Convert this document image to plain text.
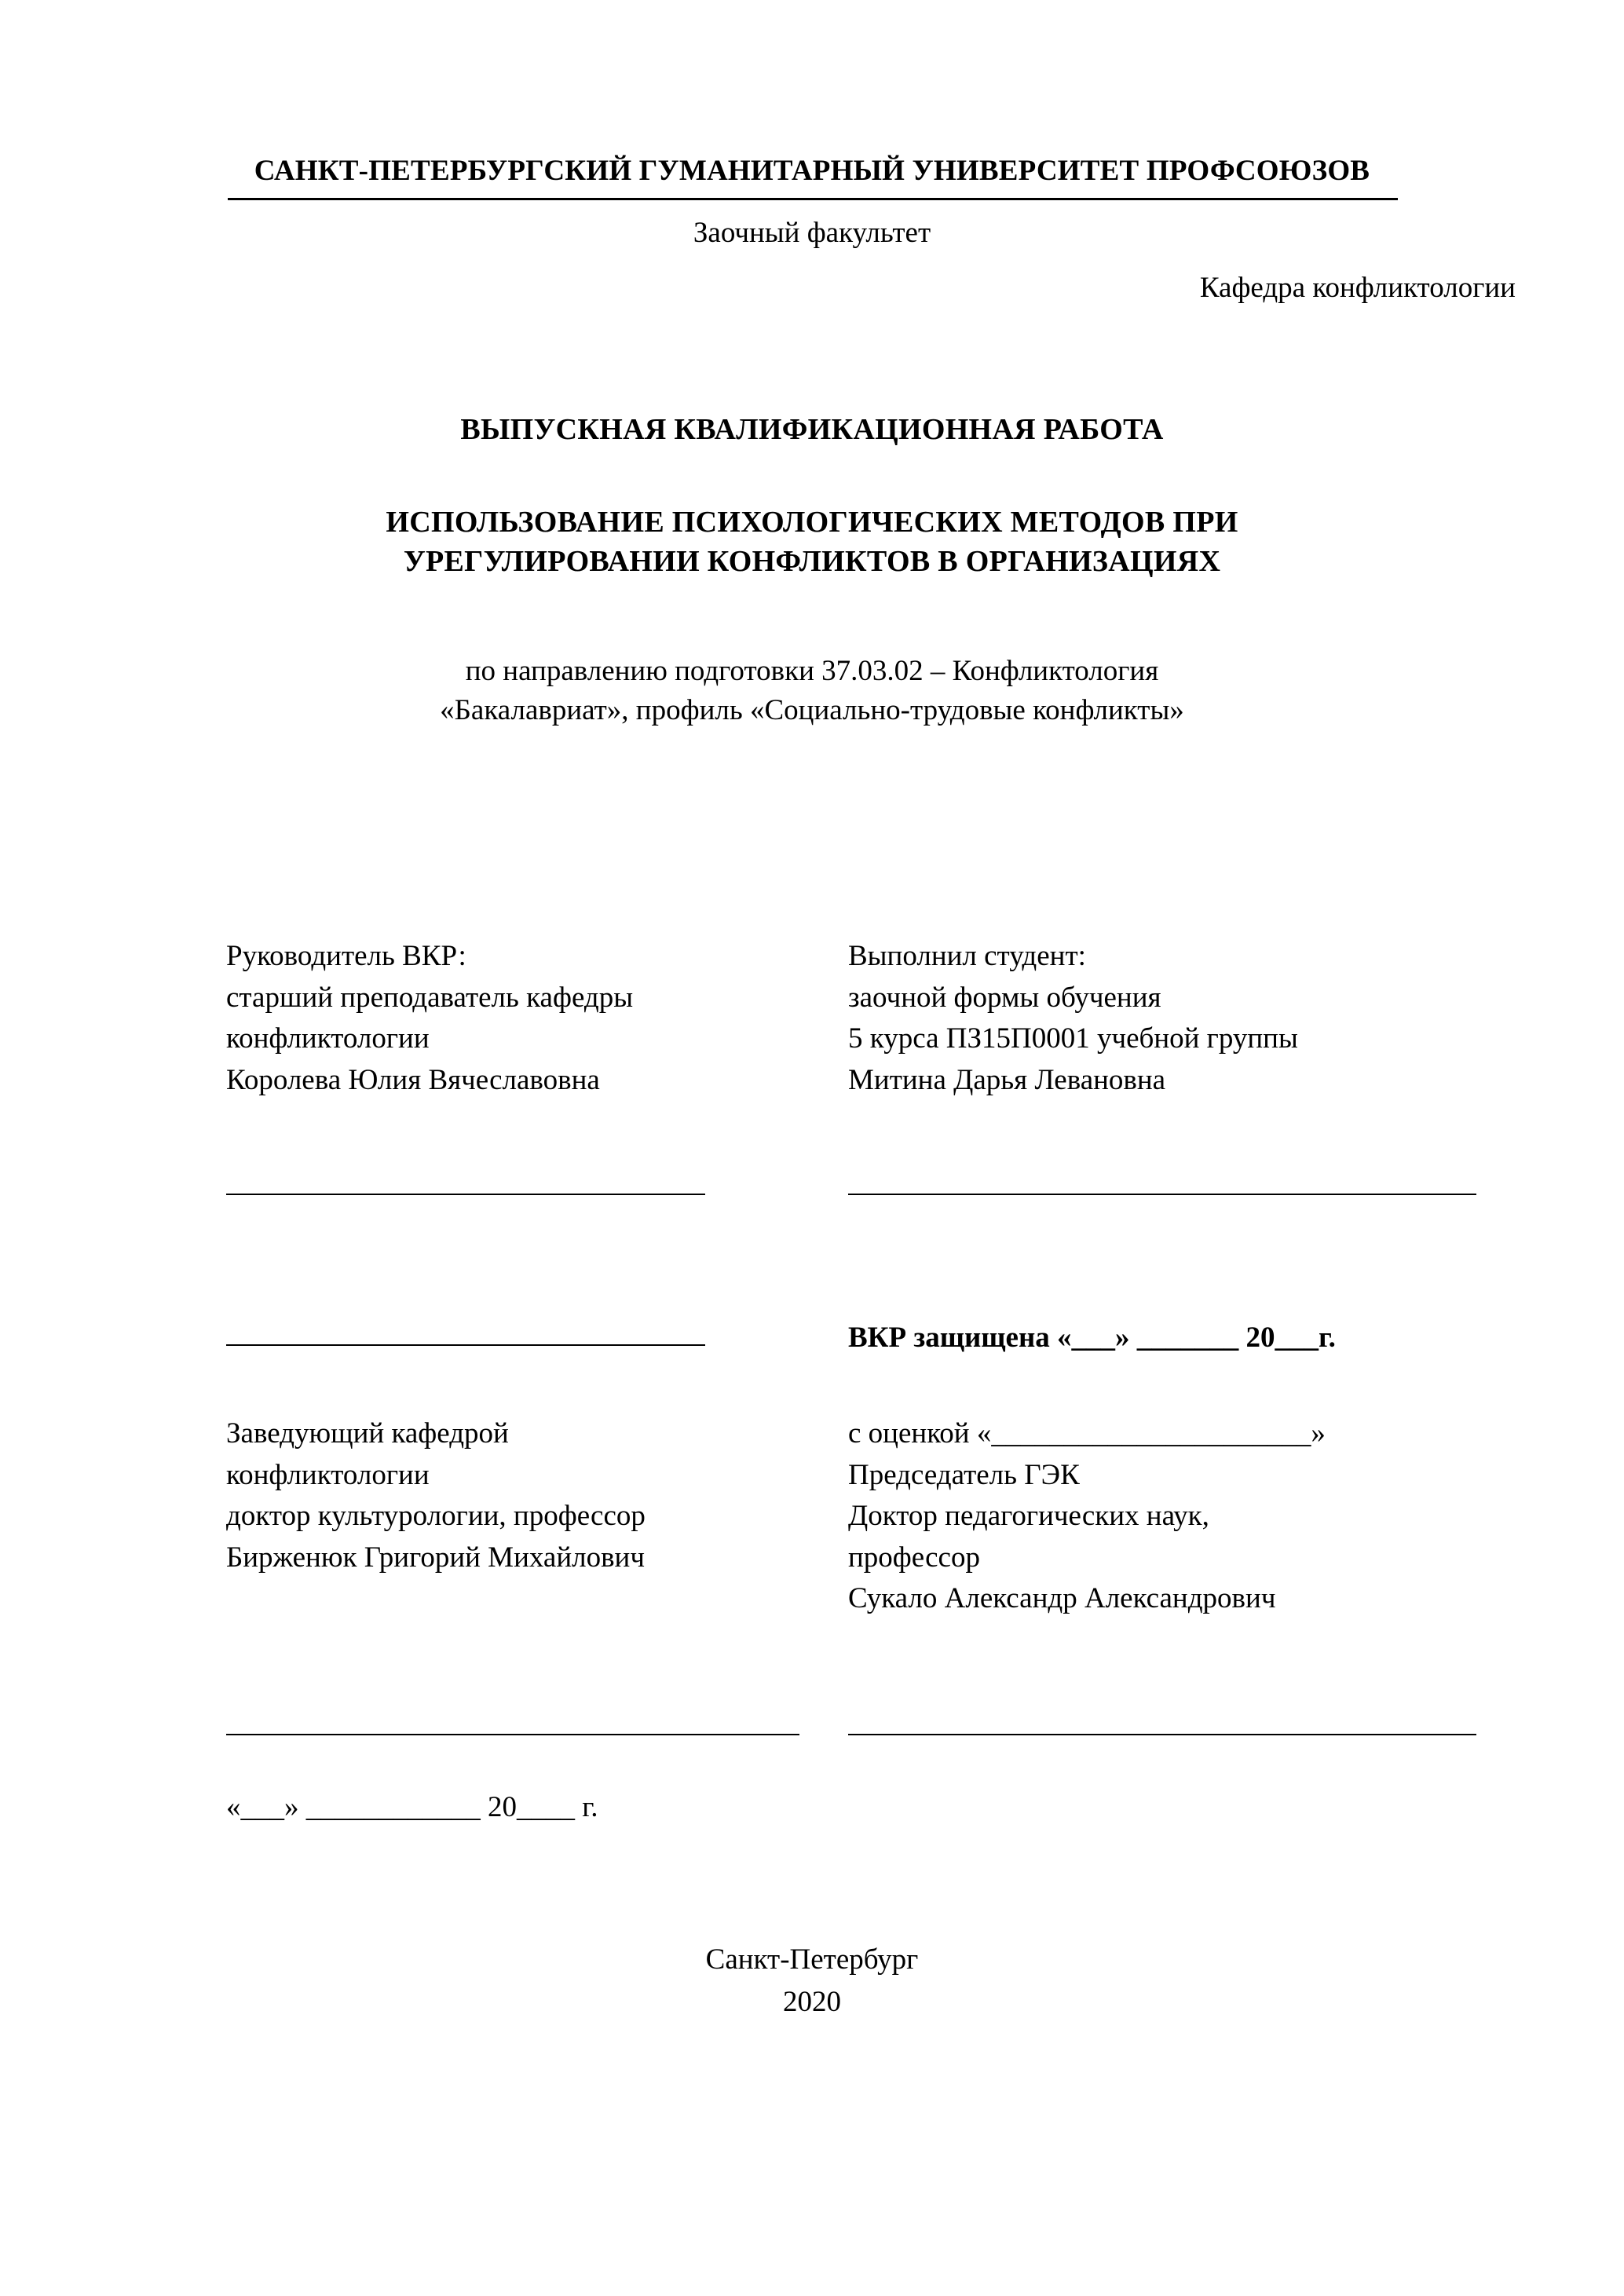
САНКТ-ПЕТЕРБУРГСКИЙ ГУМАНИТАРНЫЙ УНИВЕРСИТЕТ ПРОФСОЮЗОВ
Заочный факультет
Кафедра конфликтологии
ВЫПУСКНАЯ КВАЛИФИКАЦИОННАЯ РАБОТА
ИСПОЛЬЗОВАНИЕ ПСИХОЛОГИЧЕСКИХ МЕТОДОВ ПРИ
УРЕГУЛИРОВАНИИ КОНФЛИКТОВ В ОРГАНИЗАЦИЯХ
по направлению подготовки 37.03.02 – Конфликтология
«Бакалавриат», профиль «Социально-трудовые конфликты»
Руководитель ВКР:
старший преподаватель кафедры
конфликтологии
Королева Юлия Вячеславовна
Выполнил студент:
заочной формы обучения
5 курса ПЗ15П0001 учебной группы
Митина Дарья Левановна
ВКР защищена «___» _______ 20___г.
Заведующий кафедрой
конфликтологии
доктор культурологии, профессор
Бирженюк Григорий Михайлович
с оценкой «______________________»
Председатель ГЭК
Доктор педагогических наук,
профессор
Сукало Александр Александрович
«___» ____________ 20____ г.
Санкт-Петербург
2020
